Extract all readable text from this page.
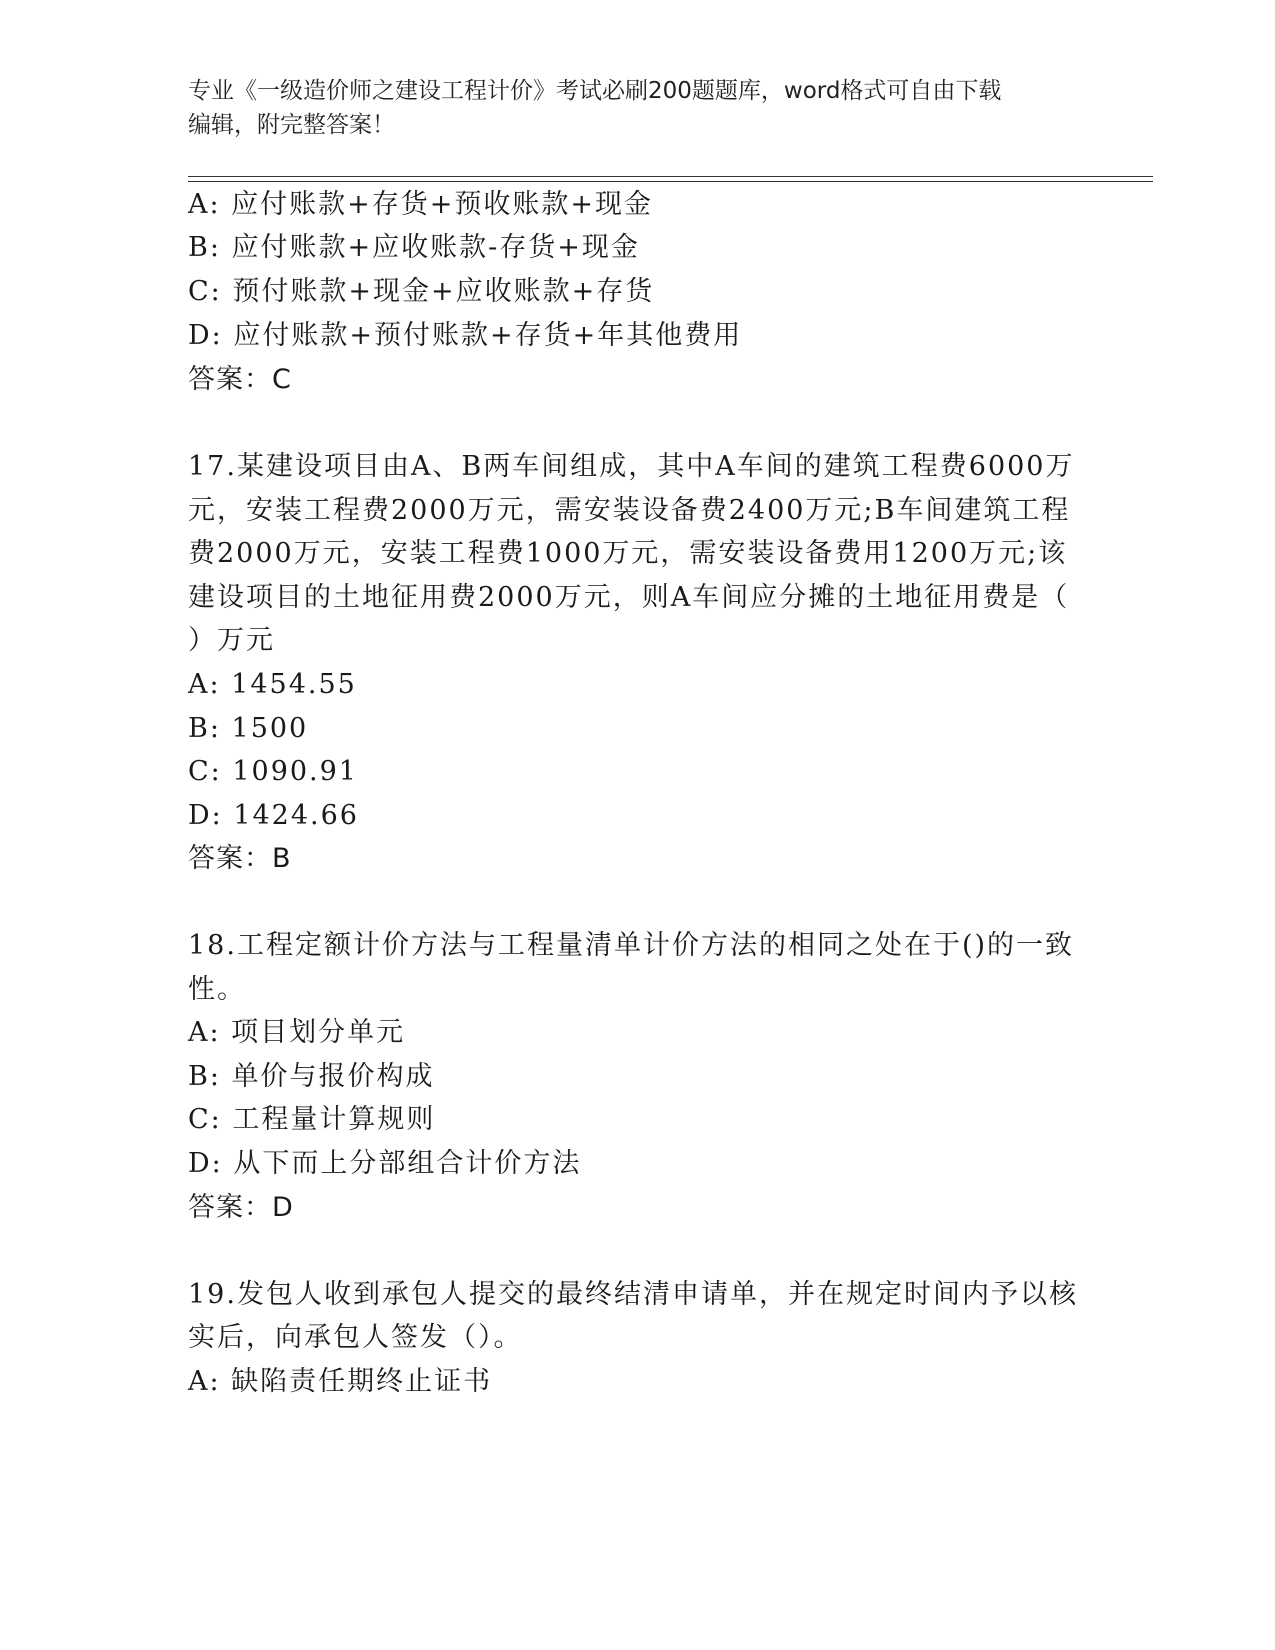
专业《一级造价师之建设工程计价》考试必刷200题题库，word格式可自由下载
编辑，附完整答案！
A: 应付账款+存货+预收账款+现金
B: 应付账款+应收账款-存货+现金
C: 预付账款+现金+应收账款+存货
D: 应付账款+预付账款+存货+年其他费用
答案：C
17.某建设项目由A、B两车间组成，其中A车间的建筑工程费6000万
元，安装工程费2000万元，需安装设备费2400万元;B车间建筑工程
费2000万元，安装工程费1000万元，需安装设备费用1200万元;该
建设项目的土地征用费2000万元，则A车间应分摊的土地征用费是（
）万元
A: 1454.55
B: 1500
C: 1090.91
D: 1424.66
答案：B
18.工程定额计价方法与工程量清单计价方法的相同之处在于()的一致
性。
A: 项目划分单元
B: 单价与报价构成
C: 工程量计算规则
D: 从下而上分部组合计价方法
答案：D
19.发包人收到承包人提交的最终结清申请单，并在规定时间内予以核
实后，向承包人签发（）。
A: 缺陷责任期终止证书
